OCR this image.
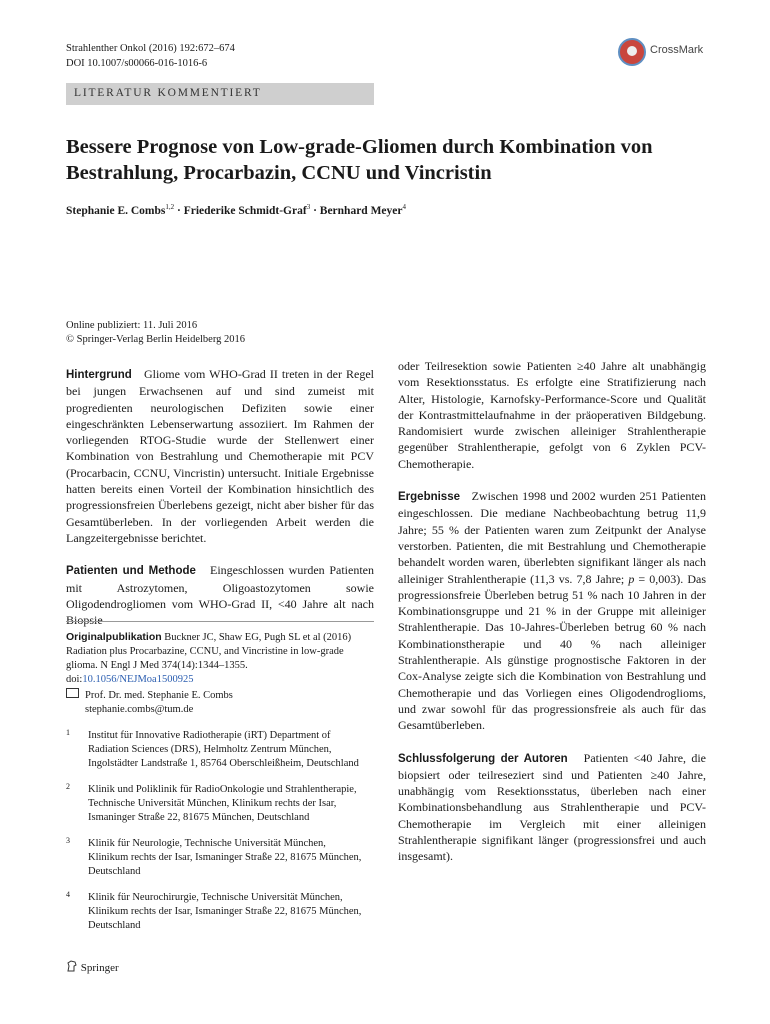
Strahlenther Onkol (2016) 192:672–674
DOI 10.1007/s00066-016-1016-6
CrossMark
LITERATUR KOMMENTIERT
Bessere Prognose von Low-grade-Gliomen durch Kombination von Bestrahlung, Procarbazin, CCNU und Vincristin
Stephanie E. Combs$^{1,2}$ · Friederike Schmidt-Graf$^3$ · Bernhard Meyer$^4$
Online publiziert: 11. Juli 2016
© Springer-Verlag Berlin Heidelberg 2016

Hintergrund Gliome vom WHO-Grad II treten in der Regel bei jungen Erwachsenen auf und sind zumeist mit progredienten neurologischen Defiziten sowie einer eingeschränkten Lebenserwartung assoziiert. Im Rahmen der vorliegenden RTOG-Studie wurde der Stellenwert einer Kombination von Bestrahlung und Chemotherapie mit PCV (Procarbacin, CCNU, Vincristin) untersucht. Initiale Ergebnisse hatten bereits einen Vorteil der Kombination hinsichtlich des progressionsfreien Überlebens gezeigt, nicht aber bisher für das Gesamtüberleben. In der vorliegenden Arbeit werden die Langzeitergebnisse berichtet.

Patienten und Methode Eingeschlossen wurden Patienten mit Astrozytomen, Oligoastozytomen sowie Oligodendrogliomen vom WHO-Grad II, <40 Jahre alt nach

Originalpublikation Buckner JC, Shaw EG, Pugh SL et al (2016) Radiation plus Procarbazine, CCNU, and Vincristine in low-grade glioma. N Engl J Med 374(14):1344–1355. doi:10.1056/NEJMoa1500925
Prof. Dr. med. Stephanie E. Combs
stephanie.combs@tum.de
1 Institut für Innovative Radiotherapie (iRT) Department of Radiation Sciences (DRS), Helmholtz Zentrum München, Ingolstädter Landstraße 1, 85764 Oberschleißheim, Deutschland
2 Klinik und Poliklinik für RadioOnkologie und Strahlentherapie, Technische Universität München, Klinikum rechts der Isar, Ismaninger Straße 22, 81675 München, Deutschland
3 Klinik für Neurologie, Technische Universität München, Klinikum rechts der Isar, Ismaninger Straße 22, 81675 München, Deutschland
4 Klinik für Neurochirurgie, Technische Universität München, Klinikum rechts der Isar, Ismaninger Straße 22, 81675 München, Deutschland

oder Teilresektion sowie Patienten ≥40 Jahre alt unabhängig vom Resektionsstatus. Es erfolgte eine Stratifizierung nach Alter, Histologie, Karnofsky-Performance-Score und Qualität der Kontrastmittelaufnahme in der präoperativen Bildgebung. Randomisiert wurde zwischen alleiniger Strahlentherapie gegenüber Strahlentherapie, gefolgt von 6 Zyklen PCV-Chemotherapie.

Ergebnisse Zwischen 1998 und 2002 wurden 251 Patienten eingeschlossen. Die mediane Nachbeobachtung betrug 11,9 Jahre; 55 % der Patienten waren zum Zeitpunkt der Analyse verstorben. Patienten, die mit Bestrahlung und Chemotherapie behandelt worden waren, überlebten signifikant länger als nach alleiniger Strahlentherapie (11,3 vs. 7,8 Jahre; p = 0,003). Das progressionsfreie Überleben betrug 51 % nach 10 Jahren in der Kombinationsgruppe und 21 % in der Gruppe mit alleiniger Strahlentherapie. Das 10-Jahres-Überleben betrug 60 % nach Kombinationstherapie und 40 % nach alleiniger Strahlentherapie. Als günstige prognostische Faktoren in der Cox-Analyse zeigte sich die Kombination von Bestrahlung und Chemotherapie und das Vorliegen eines Oligodendroglioms, und zwar sowohl für das progressionsfreie als auch für das Gesamtüberleben.

Schlussfolgerung der Autoren Patienten <40 Jahre, die biopsiert oder teilreseziert sind und Patienten ≥40 Jahre, unabhängig vom Resektionsstatus, überleben nach einer Kombinationsbehandlung aus Strahlentherapie und PCV-Chemotherapie im Vergleich mit einer alleinigen Strahlentherapie signifikant länger (progressionsfrei und auch insgesamt).

Springer
